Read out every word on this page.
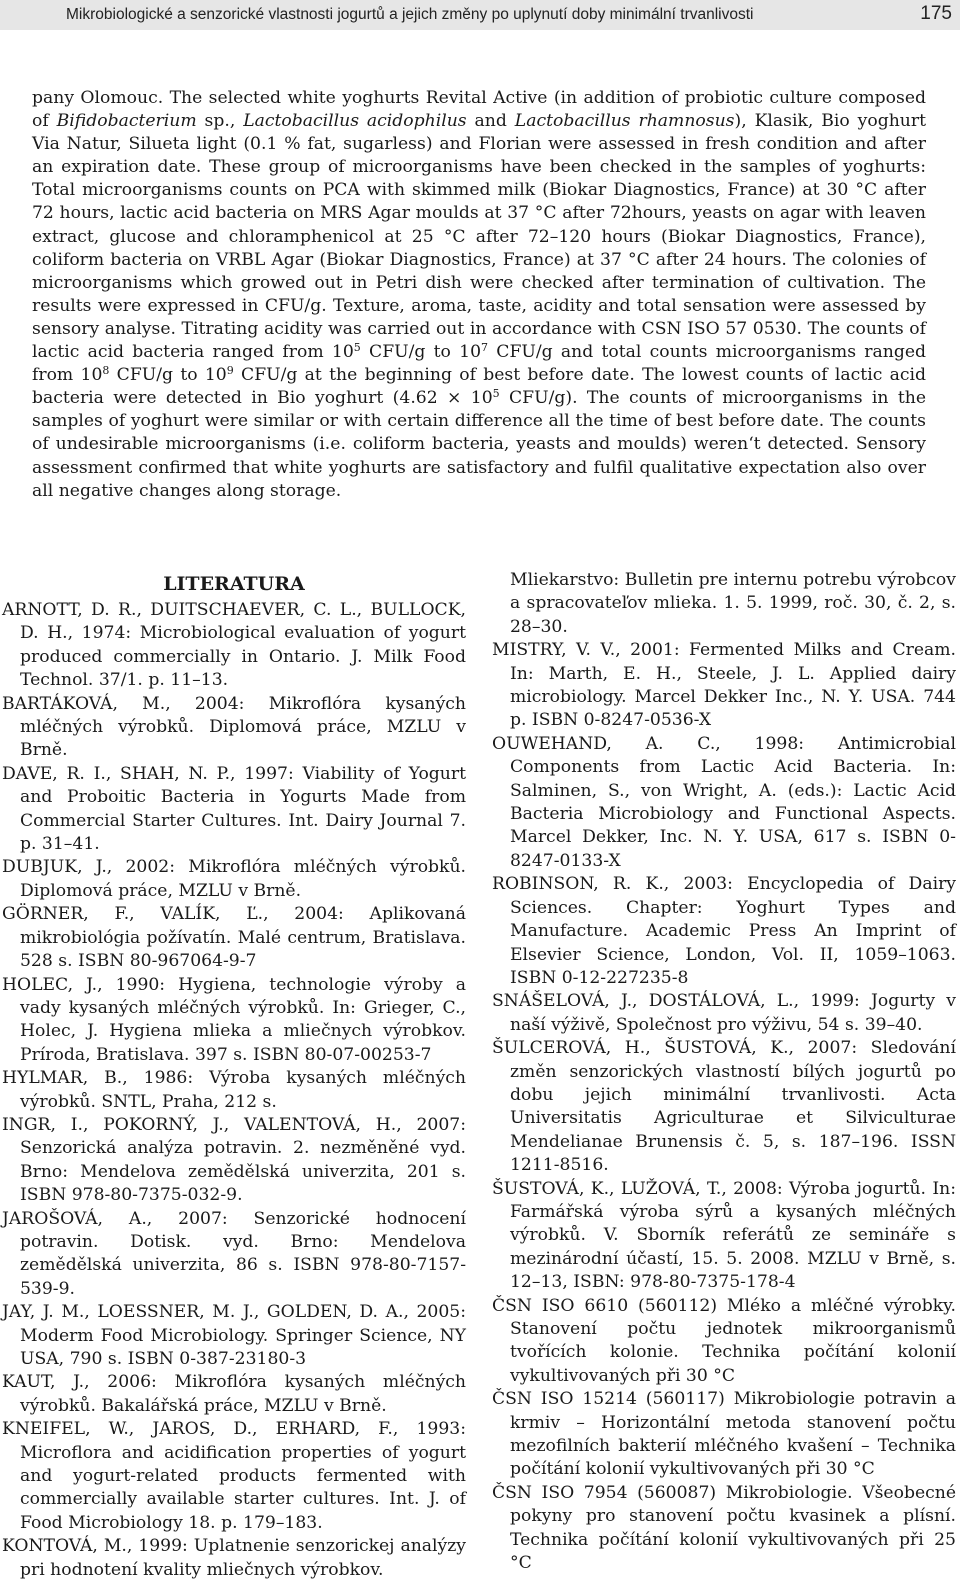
Mikrobiologické a senzorické vlastnosti jogurtů a jejich změny po uplynutí doby minimální trvanlivosti	175
pany Olomouc. The selected white yoghurts Revital Active (in addition of probiotic culture composed of Bifidobacterium sp., Lactobacillus acidophilus and Lactobacillus rhamnosus), Klasik, Bio yoghurt Via Natur, Silueta light (0.1 % fat, sugarless) and Florian were assessed in fresh condition and after an expiration date. These group of microorganisms have been checked in the samples of yoghurts: Total microorganisms counts on PCA with skimmed milk (Biokar Diagnostics, France) at 30 °C after 72 hours, lactic acid bacteria on MRS Agar moulds at 37 °C after 72hours, yeasts on agar with leaven extract, glucose and chloramphenicol at 25 °C after 72–120 hours (Biokar Diagnostics, France), coliform bacteria on VRBL Agar (Biokar Diagnostics, France) at 37 °C after 24 hours. The colonies of microorganisms which growed out in Petri dish were checked after termination of cultivation. The results were expressed in CFU/g. Texture, aroma, taste, acidity and total sensation were assessed by sensory analyse. Titrating acidity was carried out in accordance with CSN ISO 57 0530. The counts of lactic acid bacteria ranged from $10^5$ CFU/g to $10^7$ CFU/g and total counts microorganisms ranged from $10^8$ CFU/g to $10^9$ CFU/g at the beginning of best before date. The lowest counts of lactic acid bacteria were detected in Bio yoghurt ($4.62 \times 10^5$ CFU/g). The counts of microorganisms in the samples of yoghurt were similar or with certain difference all the time of best before date. The counts of undesirable microorganisms (i.e. coliform bacteria, yeasts and moulds) weren‘t detected. Sensory assessment confirmed that white yoghurts are satisfactory and fulfil qualitative expectation also over all negative changes along storage.
LITERATURA

ARNOTT, D. R., DUITSCHAEVER, C. L., BULLOCK, D. H., 1974: Microbiological evaluation of yogurt produced commercially in Ontario. J. Milk Food Technol. 37/1. p. 11–13.

BARTÁKOVÁ, M., 2004: Mikroflóra kysaných mléčných výrobků. Diplomová práce, MZLU v Brně.

DAVE, R. I., SHAH, N. P., 1997: Viability of Yogurt and Proboitic Bacteria in Yogurts Made from Commercial Starter Cultures. Int. Dairy Journal 7. p. 31–41.

DUBJUK, J., 2002: Mikroflóra mléčných výrobků. Diplomová práce, MZLU v Brně.

GÖRNER, F., VALÍK, Ľ., 2004: Aplikovaná mikrobiológia požívatín. Malé centrum, Bratislava. 528 s. ISBN 80-967064-9-7

HOLEC, J., 1990: Hygiena, technologie výroby a vady kysaných mléčných výrobků. In: Grieger, C., Holec, J. Hygiena mlieka a mliečnych výrobkov. Príroda, Bratislava. 397 s. ISBN 80-07-00253-7

HYLMAR, B., 1986: Výroba kysaných mléčných výrobků. SNTL, Praha, 212 s.

INGR, I., POKORNÝ, J., VALENTOVÁ, H., 2007: Senzorická analýza potravin. 2. nezměněné vyd. Brno: Mendelova zemědělská univerzita, 201 s. ISBN 978-80-7375-032-9.

JAROŠOVÁ, A., 2007: Senzorické hodnocení potravin. Dotisk. vyd. Brno: Mendelova zemědělská univerzita, 86 s. ISBN 978-80-7157-539-9.

JAY, J. M., LOESSNER, M. J., GOLDEN, D. A., 2005: Moderm Food Microbiology. Springer Science, NY USA, 790 s. ISBN 0-387-23180-3

KAUT, J., 2006: Mikroflóra kysaných mléčných výrobků. Bakalářská práce, MZLU v Brně.

KNEIFEL, W., JAROS, D., ERHARD, F., 1993: Microflora and acidification properties of yogurt and yogurt-related products fermented with commercially available starter cultures. Int. J. of Food Microbiology 18. p. 179–183.

KONTOVÁ, M., 1999: Uplatnenie senzorickej analýzy pri hodnotení kvality mliečnych výrobkov.

Mliekarstvo: Bulletin pre internu potrebu výrobcov a spracovateľov mlieka. 1. 5. 1999, roč. 30, č. 2, s. 28–30.

MISTRY, V. V., 2001: Fermented Milks and Cream. In: Marth, E. H., Steele, J. L. Applied dairy microbiology. Marcel Dekker Inc., N. Y. USA. 744 p. ISBN 0-8247-0536-X

OUWEHAND, A. C., 1998: Antimicrobial Components from Lactic Acid Bacteria. In: Salminen, S., von Wright, A. (eds.): Lactic Acid Bacteria Microbiology and Functional Aspects. Marcel Dekker, Inc. N. Y. USA, 617 s. ISBN 0-8247-0133-X

ROBINSON, R. K., 2003: Encyclopedia of Dairy Sciences. Chapter: Yoghurt Types and Manufacture. Academic Press An Imprint of Elsevier Science, London, Vol. II, 1059–1063. ISBN 0-12-227235-8

SNÁŠELOVÁ, J., DOSTÁLOVÁ, L., 1999: Jogurty v naší výživě, Společnost pro výživu, 54 s. 39–40.

ŠULCEROVÁ, H., ŠUSTOVÁ, K., 2007: Sledování změn senzorických vlastností bílých jogurtů po dobu jejich minimální trvanlivosti. Acta Universitatis Agriculturae et Silviculturae Mendelianae Brunensis č. 5, s. 187–196. ISSN 1211-8516.

ŠUSTOVÁ, K., LUŽOVÁ, T., 2008: Výroba jogurtů. In: Farmářská výroba sýrů a kysaných mléčných výrobků. V. Sborník referátů ze semináře s mezinárodní účastí, 15. 5. 2008. MZLU v Brně, s. 12–13, ISBN: 978-80-7375-178-4

ČSN ISO 6610 (560112) Mléko a mléčné výrobky. Stanovení počtu jednotek mikroorganismů tvořících kolonie. Technika počítání kolonií vykultivovaných při 30 °C

ČSN ISO 15214 (560117) Mikrobiologie potravin a krmiv – Horizontální metoda stanovení počtu mezofilních bakterií mléčného kvašení – Technika počítání kolonií vykultivovaných při 30 °C

ČSN ISO 7954 (560087) Mikrobiologie. Všeobecné pokyny pro stanovení počtu kvasinek a plísní. Technika počítání kolonií vykultivovaných při 25 °C
